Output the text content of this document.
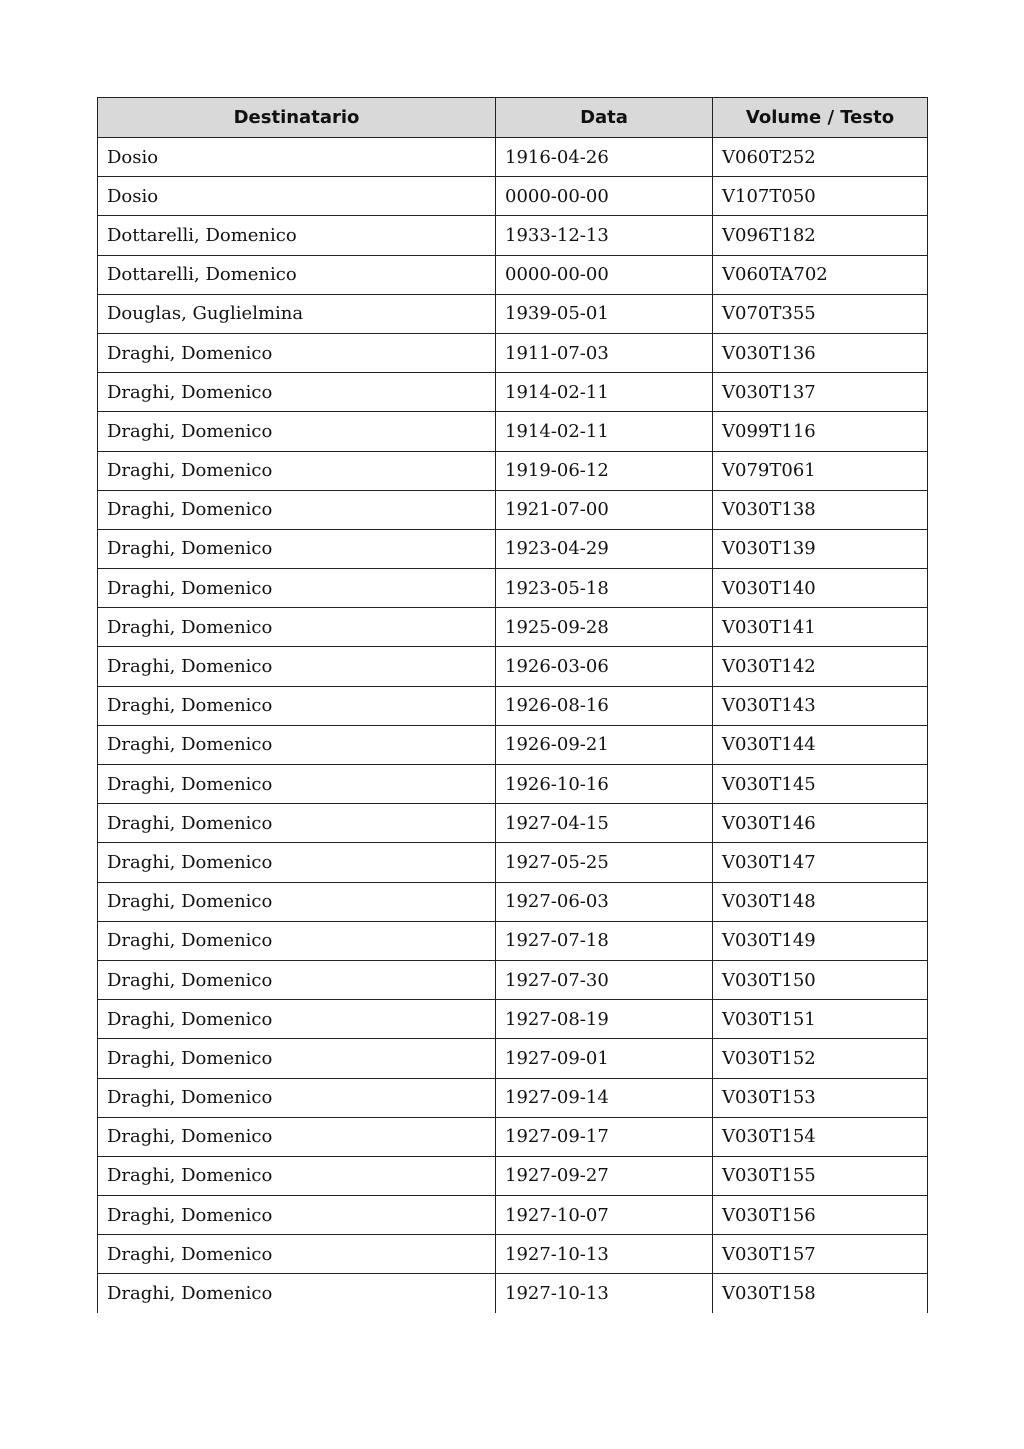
Destinatario	Data	Volume / Testo
Dosio	1916-04-26	V060T252
Dosio	0000-00-00	V107T050
Dottarelli, Domenico	1933-12-13	V096T182
Dottarelli, Domenico	0000-00-00	V060TA702
Douglas, Guglielmina	1939-05-01	V070T355
Draghi, Domenico	1911-07-03	V030T136
Draghi, Domenico	1914-02-11	V030T137
Draghi, Domenico	1914-02-11	V099T116
Draghi, Domenico	1919-06-12	V079T061
Draghi, Domenico	1921-07-00	V030T138
Draghi, Domenico	1923-04-29	V030T139
Draghi, Domenico	1923-05-18	V030T140
Draghi, Domenico	1925-09-28	V030T141
Draghi, Domenico	1926-03-06	V030T142
Draghi, Domenico	1926-08-16	V030T143
Draghi, Domenico	1926-09-21	V030T144
Draghi, Domenico	1926-10-16	V030T145
Draghi, Domenico	1927-04-15	V030T146
Draghi, Domenico	1927-05-25	V030T147
Draghi, Domenico	1927-06-03	V030T148
Draghi, Domenico	1927-07-18	V030T149
Draghi, Domenico	1927-07-30	V030T150
Draghi, Domenico	1927-08-19	V030T151
Draghi, Domenico	1927-09-01	V030T152
Draghi, Domenico	1927-09-14	V030T153
Draghi, Domenico	1927-09-17	V030T154
Draghi, Domenico	1927-09-27	V030T155
Draghi, Domenico	1927-10-07	V030T156
Draghi, Domenico	1927-10-13	V030T157
Draghi, Domenico	1927-10-13	V030T158
